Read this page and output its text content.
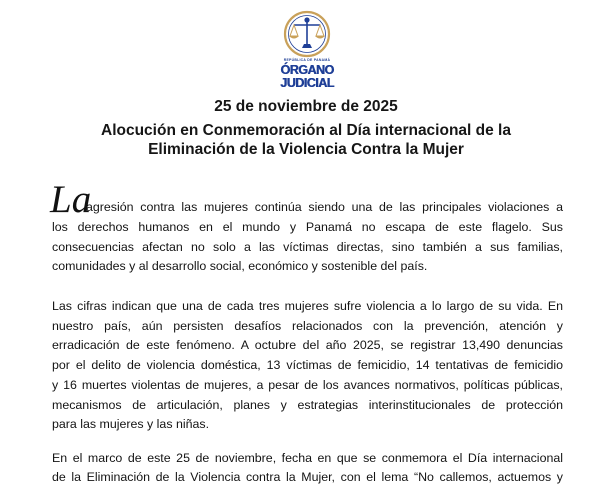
REPÚBLICA DE PANAMÁ
ÓRGANO
JUDICIAL
25 de noviembre de 2025
Alocución en Conmemoración al Día internacional de la
Eliminación de la Violencia Contra la Mujer
La
agresión contra las mujeres continúa siendo una de las principales violaciones a
los derechos humanos en el mundo y Panamá no escapa de este flagelo. Sus
consecuencias afectan no solo a las víctimas directas, sino también a sus familias,
comunidades y al desarrollo social, económico y sostenible del país.
Las cifras indican que una de cada tres mujeres sufre violencia a lo largo de su vida. En
nuestro país, aún persisten desafíos relacionados con la prevención, atención y
erradicación de este fenómeno. A octubre del año 2025, se registrar 13,490 denuncias
por el delito de violencia doméstica, 13 víctimas de femicidio, 14 tentativas de femicidio
y 16 muertes violentas de mujeres, a pesar de los avances normativos, políticas públicas,
mecanismos de articulación, planes y estrategias interinstitucionales de protección
para las mujeres y las niñas.
En el marco de este 25 de noviembre, fecha en que se conmemora el Día internacional
de la Eliminación de la Violencia contra la Mujer, con el lema “No callemos, actuemos y
